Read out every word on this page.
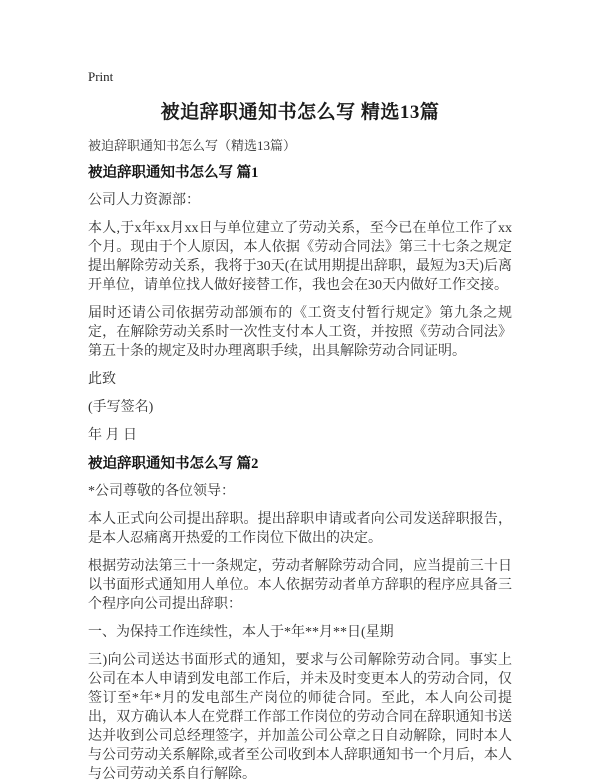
Print
被迫辞职通知书怎么写 精选13篇

被迫辞职通知书怎么写（精选13篇）

被迫辞职通知书怎么写 篇1

公司人力资源部：

本人,于x年xx月xx日与单位建立了劳动关系，至今已在单位工作了xx个月。现由于个人原因，本人依据《劳动合同法》第三十七条之规定提出解除劳动关系，我将于30天(在试用期提出辞职，最短为3天)后离开单位，请单位找人做好接替工作，我也会在30天内做好工作交接。

届时还请公司依据劳动部颁布的《工资支付暂行规定》第九条之规定，在解除劳动关系时一次性支付本人工资，并按照《劳动合同法》第五十条的规定及时办理离职手续，出具解除劳动合同证明。

此致

(手写签名)

年 月 日

被迫辞职通知书怎么写 篇2

*公司尊敬的各位领导：

本人正式向公司提出辞职。提出辞职申请或者向公司发送辞职报告，是本人忍痛离开热爱的工作岗位下做出的决定。

根据劳动法第三十一条规定，劳动者解除劳动合同，应当提前三十日以书面形式通知用人单位。本人依据劳动者单方辞职的程序应具备三个程序向公司提出辞职：

一、为保持工作连续性，本人于*年**月**日(星期

三)向公司送达书面形式的通知，要求与公司解除劳动合同。事实上公司在本人申请到发电部工作后，并未及时变更本人的劳动合同，仅签订至*年*月的发电部生产岗位的师徒合同。至此，本人向公司提出，双方确认本人在党群工作部工作岗位的劳动合同在辞职通知书送达并收到公司总经理签字，并加盖公司公章之日自动解除，同时本人与公司劳动关系解除,或者至公司收到本人辞职通知书一个月后，本人与公司劳动关系自行解除。
